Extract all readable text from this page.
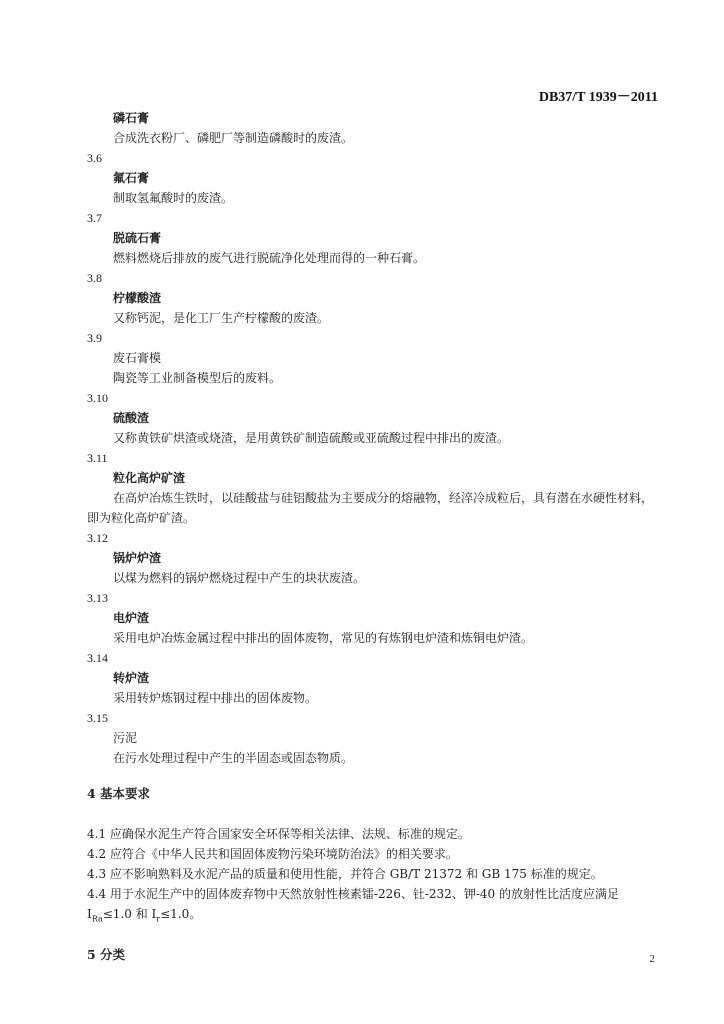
DB37/T 1939－2011
磷石膏
合成洗衣粉厂、磷肥厂等制造磷酸时的废渣。
3.6
氟石膏
制取氢氟酸时的废渣。
3.7
脱硫石膏
燃料燃烧后排放的废气进行脱硫净化处理而得的一种石膏。
3.8
柠檬酸渣
又称钙泥，是化工厂生产柠檬酸的废渣。
3.9
废石膏模
陶瓷等工业制备模型后的废料。
3.10
硫酸渣
又称黄铁矿烘渣或烧渣，是用黄铁矿制造硫酸或亚硫酸过程中排出的废渣。
3.11
粒化高炉矿渣
在高炉冶炼生铁时，以硅酸盐与硅铝酸盐为主要成分的熔融物，经淬冷成粒后，具有潜在水硬性材料，即为粒化高炉矿渣。
3.12
锅炉炉渣
以煤为燃料的锅炉燃烧过程中产生的块状废渣。
3.13
电炉渣
采用电炉冶炼金属过程中排出的固体废物，常见的有炼钢电炉渣和炼铜电炉渣。
3.14
转炉渣
采用转炉炼钢过程中排出的固体废物。
3.15
污泥
在污水处理过程中产生的半固态或固态物质。
4 基本要求
4.1 应确保水泥生产符合国家安全环保等相关法律、法规、标准的规定。
4.2 应符合《中华人民共和国固体废物污染环境防治法》的相关要求。
4.3 应不影响熟料及水泥产品的质量和使用性能，并符合 GB/T 21372 和 GB 175 标准的规定。
4.4 用于水泥生产中的固体废弃物中天然放射性核素镭-226、钍-232、钾-40 的放射性比活度应满足 $I_{Ra}\le 1.0$ 和 $I_r\le 1.0$。
5 分类	2
